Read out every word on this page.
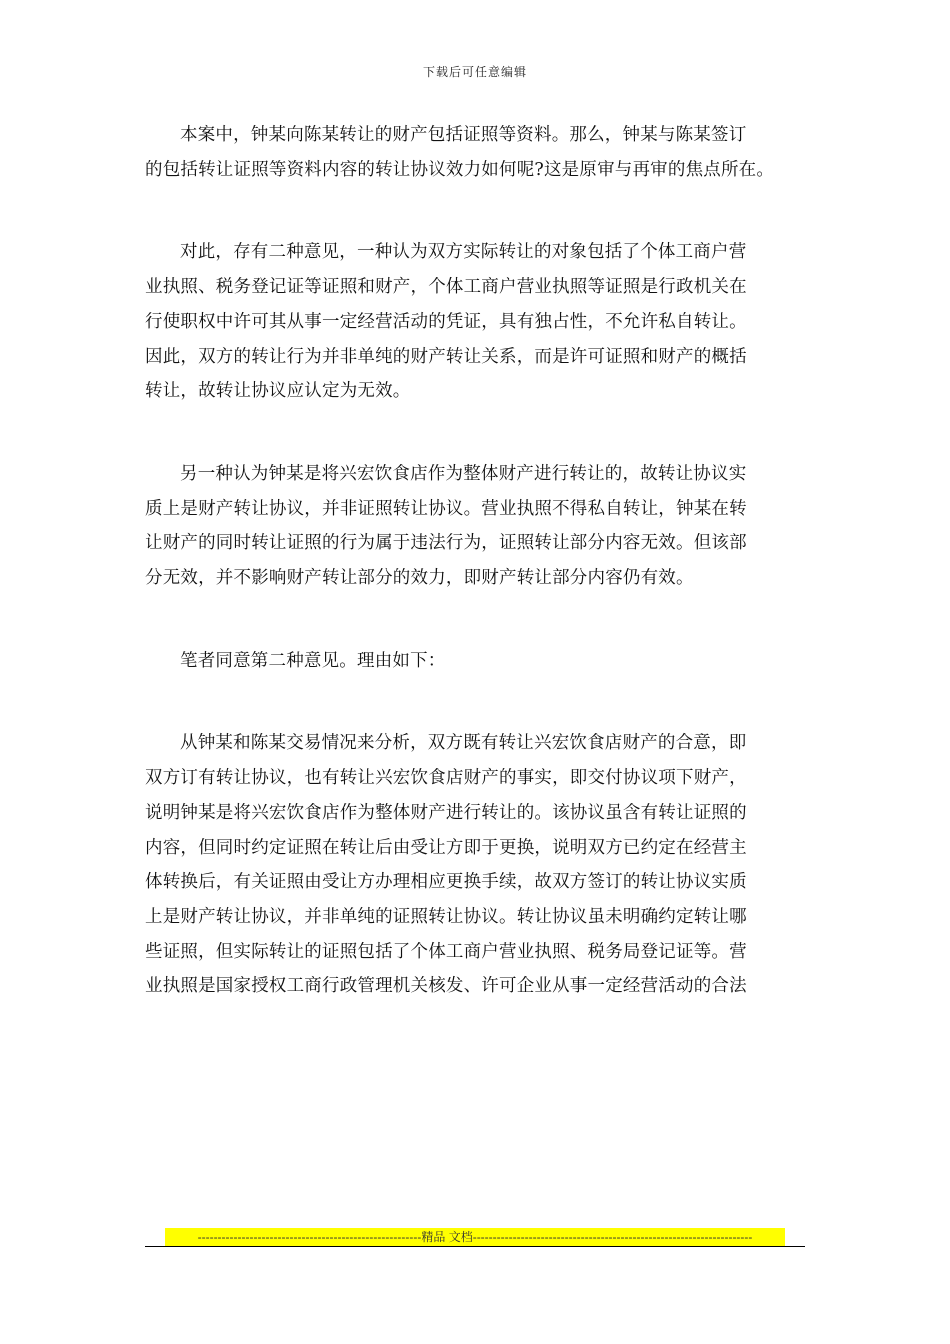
下载后可任意编辑
本案中，钟某向陈某转让的财产包括证照等资料。那么，钟某与陈某签订
的包括转让证照等资料内容的转让协议效力如何呢?这是原审与再审的焦点所在。
对此，存有二种意见，一种认为双方实际转让的对象包括了个体工商户营
业执照、税务登记证等证照和财产，个体工商户营业执照等证照是行政机关在
行使职权中许可其从事一定经营活动的凭证，具有独占性，不允许私自转让。
因此，双方的转让行为并非单纯的财产转让关系，而是许可证照和财产的概括
转让，故转让协议应认定为无效。
另一种认为钟某是将兴宏饮食店作为整体财产进行转让的，故转让协议实
质上是财产转让协议，并非证照转让协议。营业执照不得私自转让，钟某在转
让财产的同时转让证照的行为属于违法行为，证照转让部分内容无效。但该部
分无效，并不影响财产转让部分的效力，即财产转让部分内容仍有效。
笔者同意第二种意见。理由如下：
从钟某和陈某交易情况来分析，双方既有转让兴宏饮食店财产的合意，即
双方订有转让协议，也有转让兴宏饮食店财产的事实，即交付协议项下财产，
说明钟某是将兴宏饮食店作为整体财产进行转让的。该协议虽含有转让证照的
内容，但同时约定证照在转让后由受让方即于更换，说明双方已约定在经营主
体转换后，有关证照由受让方办理相应更换手续，故双方签订的转让协议实质
上是财产转让协议，并非单纯的证照转让协议。转让协议虽未明确约定转让哪
些证照，但实际转让的证照包括了个体工商户营业执照、税务局登记证等。营
业执照是国家授权工商行政管理机关核发、许可企业从事一定经营活动的合法
--------------------------------------------------------精品 文档----------------------------------------------------------------------
